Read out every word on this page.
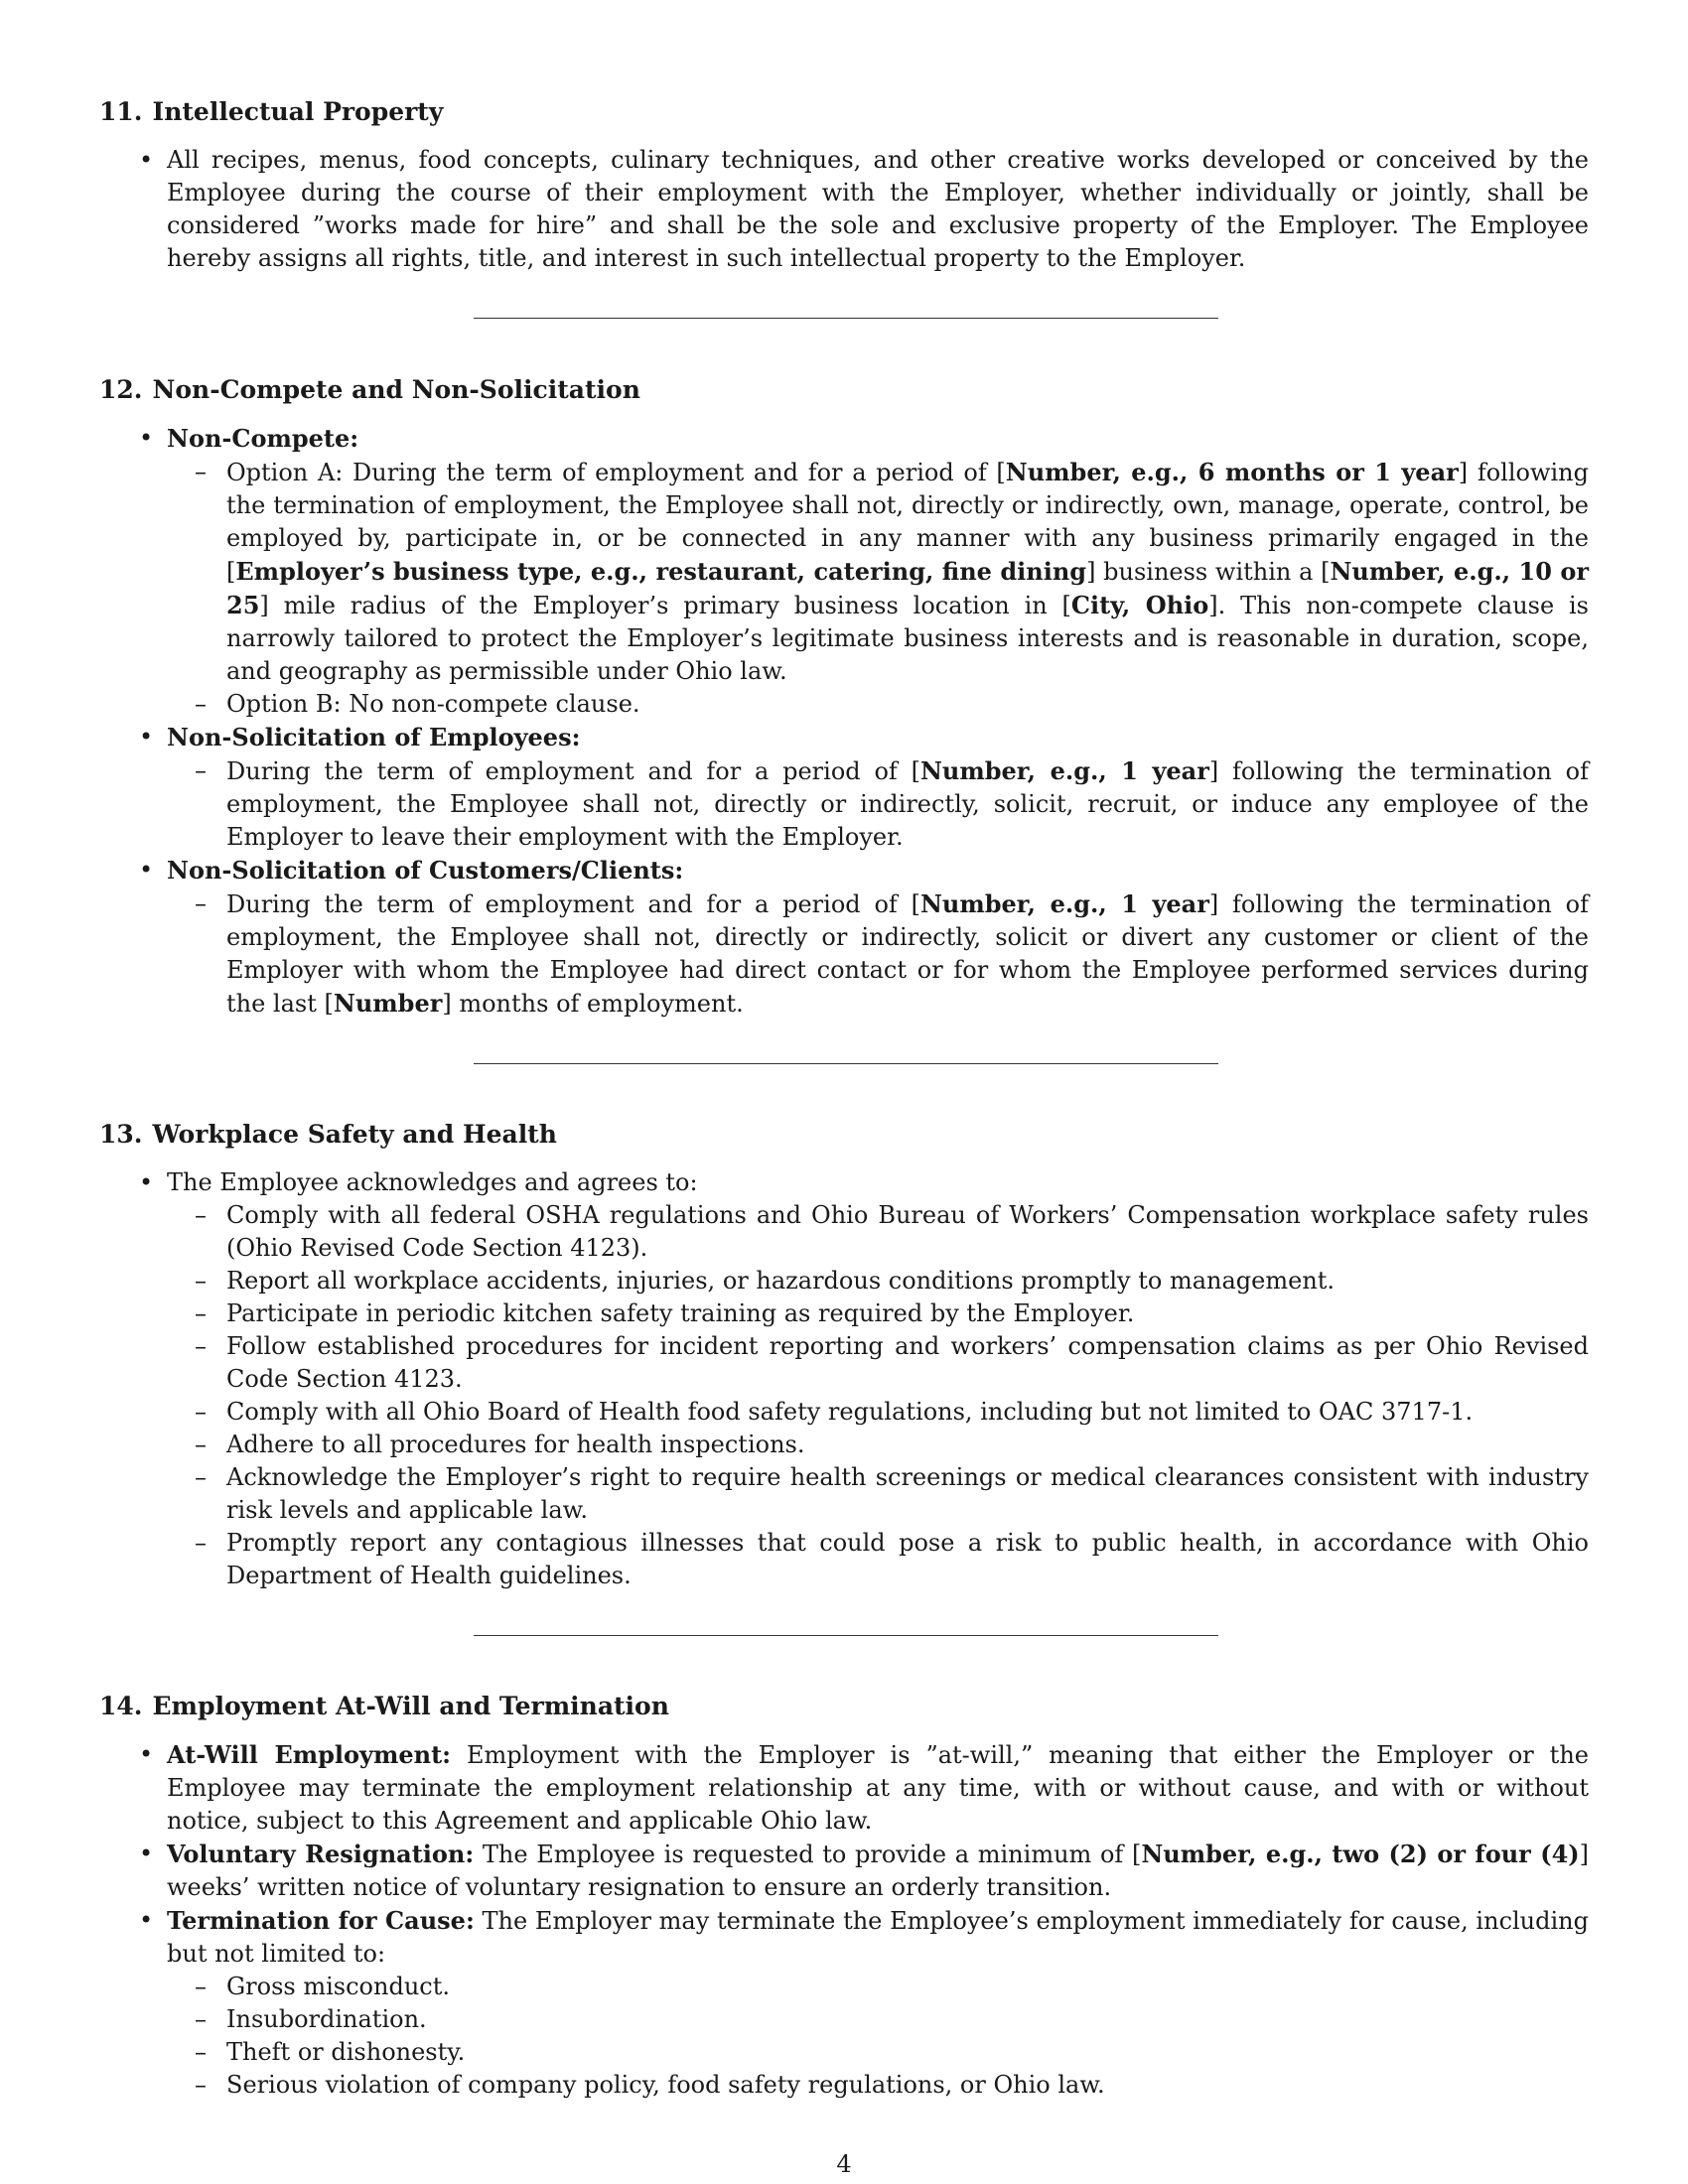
11. Intellectual Property
• All recipes, menus, food concepts, culinary techniques, and other creative works developed or conceived by the Employee during the course of their employment with the Employer, whether individually or jointly, shall be considered ”works made for hire” and shall be the sole and exclusive property of the Employer. The Employee hereby assigns all rights, title, and interest in such intellectual property to the Employer.
12. Non-Compete and Non-Solicitation
• Non-Compete:
– Option A: During the term of employment and for a period of [Number, e.g., 6 months or 1 year] following the termination of employment, the Employee shall not, directly or indirectly, own, manage, operate, control, be employed by, participate in, or be connected in any manner with any business primarily engaged in the [Employer’s business type, e.g., restaurant, catering, fine dining] business within a [Number, e.g., 10 or 25] mile radius of the Employer’s primary business location in [City, Ohio]. This non-compete clause is narrowly tailored to protect the Employer’s legitimate business interests and is reasonable in duration, scope, and geography as permissible under Ohio law.
– Option B: No non-compete clause.
• Non-Solicitation of Employees:
– During the term of employment and for a period of [Number, e.g., 1 year] following the termination of employment, the Employee shall not, directly or indirectly, solicit, recruit, or induce any employee of the Employer to leave their employment with the Employer.
• Non-Solicitation of Customers/Clients:
– During the term of employment and for a period of [Number, e.g., 1 year] following the termination of employment, the Employee shall not, directly or indirectly, solicit or divert any customer or client of the Employer with whom the Employee had direct contact or for whom the Employee performed services during the last [Number] months of employment.
13. Workplace Safety and Health
• The Employee acknowledges and agrees to:
– Comply with all federal OSHA regulations and Ohio Bureau of Workers’ Compensation workplace safety rules (Ohio Revised Code Section 4123).
– Report all workplace accidents, injuries, or hazardous conditions promptly to management.
– Participate in periodic kitchen safety training as required by the Employer.
– Follow established procedures for incident reporting and workers’ compensation claims as per Ohio Revised Code Section 4123.
– Comply with all Ohio Board of Health food safety regulations, including but not limited to OAC 3717-1.
– Adhere to all procedures for health inspections.
– Acknowledge the Employer’s right to require health screenings or medical clearances consistent with industry risk levels and applicable law.
– Promptly report any contagious illnesses that could pose a risk to public health, in accordance with Ohio Department of Health guidelines.
14. Employment At-Will and Termination
• At-Will Employment: Employment with the Employer is ”at-will,” meaning that either the Employer or the Employee may terminate the employment relationship at any time, with or without cause, and with or without notice, subject to this Agreement and applicable Ohio law.
• Voluntary Resignation: The Employee is requested to provide a minimum of [Number, e.g., two (2) or four (4)] weeks’ written notice of voluntary resignation to ensure an orderly transition.
• Termination for Cause: The Employer may terminate the Employee’s employment immediately for cause, including but not limited to:
– Gross misconduct.
– Insubordination.
– Theft or dishonesty.
– Serious violation of company policy, food safety regulations, or Ohio law.
4
